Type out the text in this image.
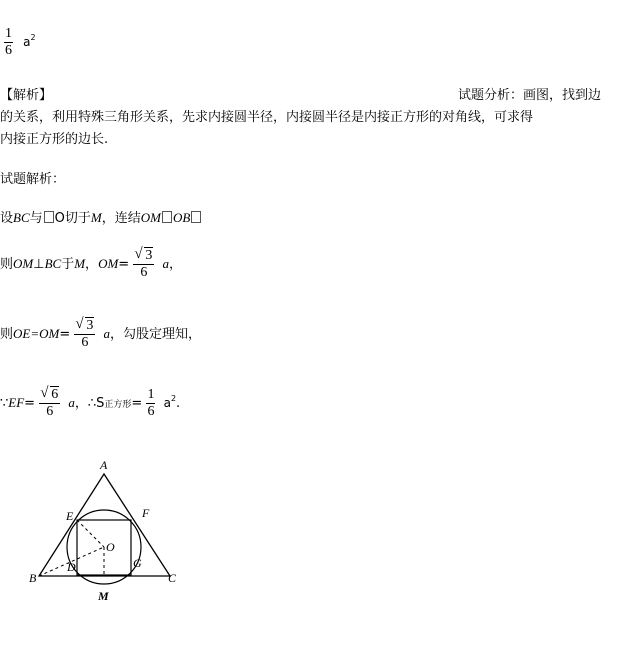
$\frac{1}{6} a^2$
【解析】	试题分析：画图，找到边
的关系，利用特殊三角形关系，先求内接圆半径，内接圆半径是内接正方形的对角线，可求得
内接正方形的边长.
试题解析：
设BC与 O切于M，连结OM OB
则OM⊥BC于M，$OM= \frac{√ 3}{6}$ a，
则$OE=OM= \frac{√ 3}{6}$ a，勾股定理知，
∵EF= $\frac{√ 6}{6}$ a，∴S正方形= $\frac{1}{6} a^2$.
A
E	F
O
D	G
B	C
M
